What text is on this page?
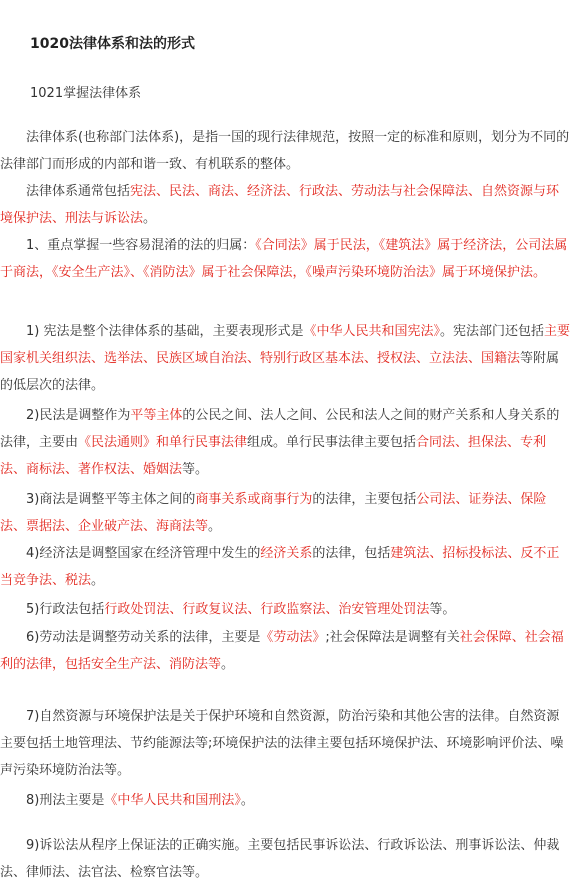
1020法律体系和法的形式
1021掌握法律体系

　　法律体系(也称部门法体系)，是指一国的现行法律规范，按照一定的标准和原则，划分为不同的法律部门而形成的内部和谐一致、有机联系的整体。

　　法律体系通常包括宪法、民法、商法、经济法、行政法、劳动法与社会保障法、自然资源与环境保护法、刑法与诉讼法。

　　1、重点掌握一些容易混淆的法的归属：《合同法》属于民法，《建筑法》属于经济法，公司法属于商法，《安全生产法》、《消防法》属于社会保障法，《噪声污染环境防治法》属于环境保护法。

　　1) 宪法是整个法律体系的基础，主要表现形式是《中华人民共和国宪法》。宪法部门还包括主要国家机关组织法、选举法、民族区域自治法、特别行政区基本法、授权法、立法法、国籍法等附属的低层次的法律。

　　2)民法是调整作为平等主体的公民之间、法人之间、公民和法人之间的财产关系和人身关系的法律，主要由《民法通则》和单行民事法律组成。单行民事法律主要包括合同法、担保法、专利法、商标法、著作权法、婚姻法等。

　　3)商法是调整平等主体之间的商事关系或商事行为的法律，主要包括公司法、证券法、保险法、票据法、企业破产法、海商法等。

　　4)经济法是调整国家在经济管理中发生的经济关系的法律，包括建筑法、招标投标法、反不正当竞争法、税法。

　　5)行政法包括行政处罚法、行政复议法、行政监察法、治安管理处罚法等。

　　6)劳动法是调整劳动关系的法律，主要是《劳动法》;社会保障法是调整有关社会保障、社会福利的法律，包括安全生产法、消防法等。

　　7)自然资源与环境保护法是关于保护环境和自然资源，防治污染和其他公害的法律。自然资源主要包括土地管理法、节约能源法等;环境保护法的法律主要包括环境保护法、环境影响评价法、噪声污染环境防治法等。

　　8)刑法主要是《中华人民共和国刑法》。

　　9)诉讼法从程序上保证法的正确实施。主要包括民事诉讼法、行政诉讼法、刑事诉讼法、仲裁法、律师法、法官法、检察官法等。
